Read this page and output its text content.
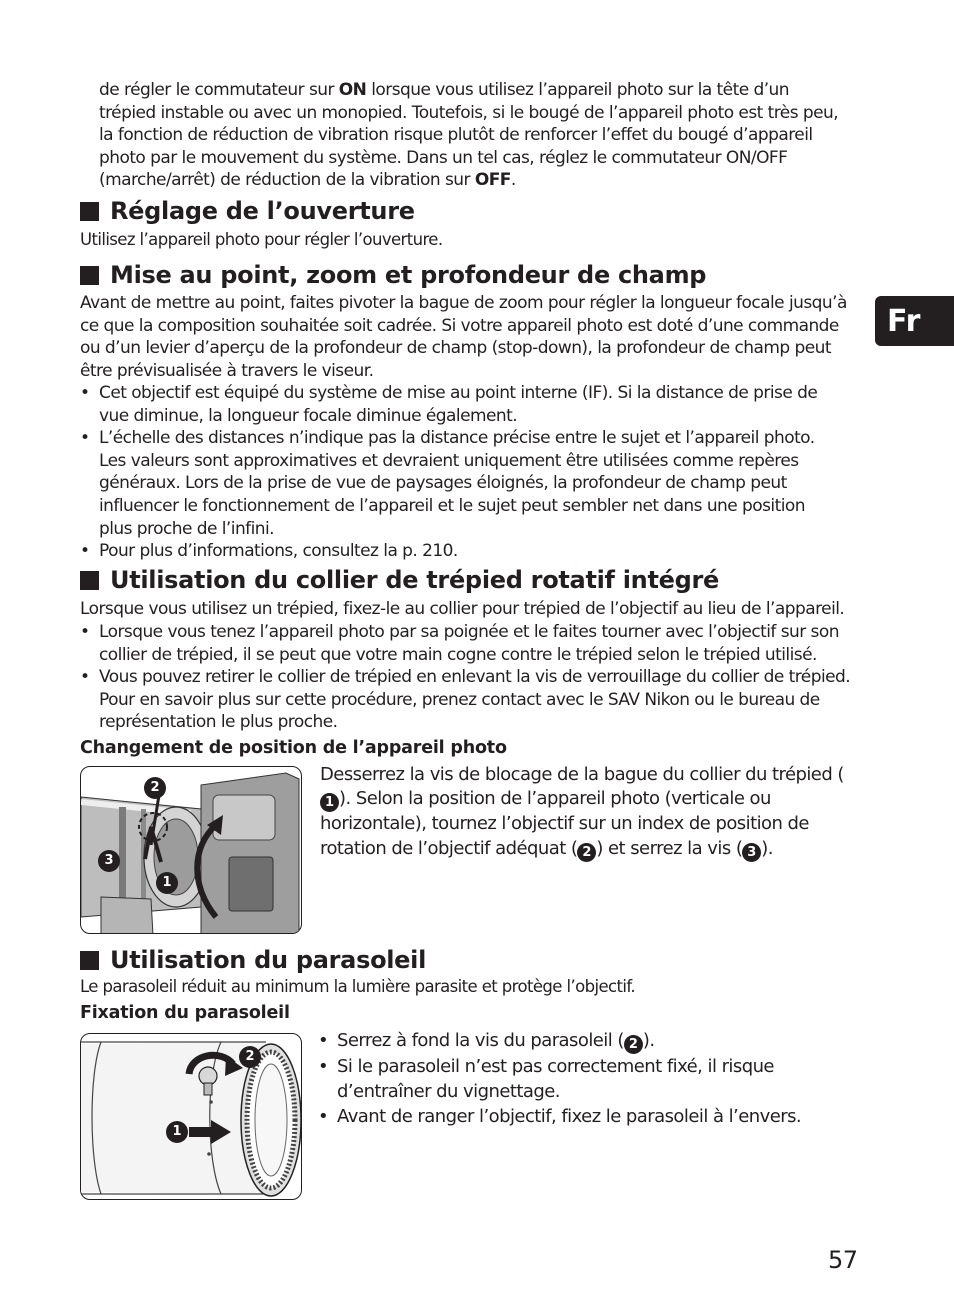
de régler le commutateur sur ON lorsque vous utilisez l’appareil photo sur la tête d’un trépied instable ou avec un monopied. Toutefois, si le bougé de l’appareil photo est très peu, la fonction de réduction de vibration risque plutôt de renforcer l’effet du bougé d’appareil photo par le mouvement du système. Dans un tel cas, réglez le commutateur ON/OFF (marche/arrêt) de réduction de la vibration sur OFF.

Réglage de l’ouverture

Utilisez l’appareil photo pour régler l’ouverture.

Mise au point, zoom et profondeur de champ

Avant de mettre au point, faites pivoter la bague de zoom pour régler la longueur focale jusqu’à ce que la composition souhaitée soit cadrée. Si votre appareil photo est doté d’une commande ou d’un levier d’aperçu de la profondeur de champ (stop-down), la profondeur de champ peut être prévisualisée à travers le viseur.

• Cet objectif est équipé du système de mise au point interne (IF). Si la distance de prise de vue diminue, la longueur focale diminue également.
• L’échelle des distances n’indique pas la distance précise entre le sujet et l’appareil photo. Les valeurs sont approximatives et devraient uniquement être utilisées comme repères généraux. Lors de la prise de vue de paysages éloignés, la profondeur de champ peut influencer le fonctionnement de l’appareil et le sujet peut sembler net dans une position plus proche de l’infini.
• Pour plus d’informations, consultez la p. 210.
Utilisation du collier de trépied rotatif intégré

Lorsque vous utilisez un trépied, fixez-le au collier pour trépied de l’objectif au lieu de l’appareil.

• Lorsque vous tenez l’appareil photo par sa poignée et le faites tourner avec l’objectif sur son collier de trépied, il se peut que votre main cogne contre le trépied selon le trépied utilisé.
• Vous pouvez retirer le collier de trépied en enlevant la vis de verrouillage du collier de trépied. Pour en savoir plus sur cette procédure, prenez contact avec le SAV Nikon ou le bureau de représentation le plus proche.
Changement de position de l’appareil photo
2
3
1

Desserrez la vis de blocage de la bague du collier du trépied (1 ). Selon la position de l’appareil photo (verticale ou horizontale), tournez l’objectif sur un index de position de rotation de l’objectif adéquat ( 2 ) et serrez la vis ( 3 ).

Utilisation du parasoleil

Le parasoleil réduit au minimum la lumière parasite et protège l’objectif.

Fixation du parasoleil
2
1
• Serrez à fond la vis du parasoleil ( 2 ).
• Si le parasoleil n’est pas correctement fixé, il risque d’entraîner du vignettage.
• Avant de ranger l’objectif, fixez le parasoleil à l’envers.
Fr
57
